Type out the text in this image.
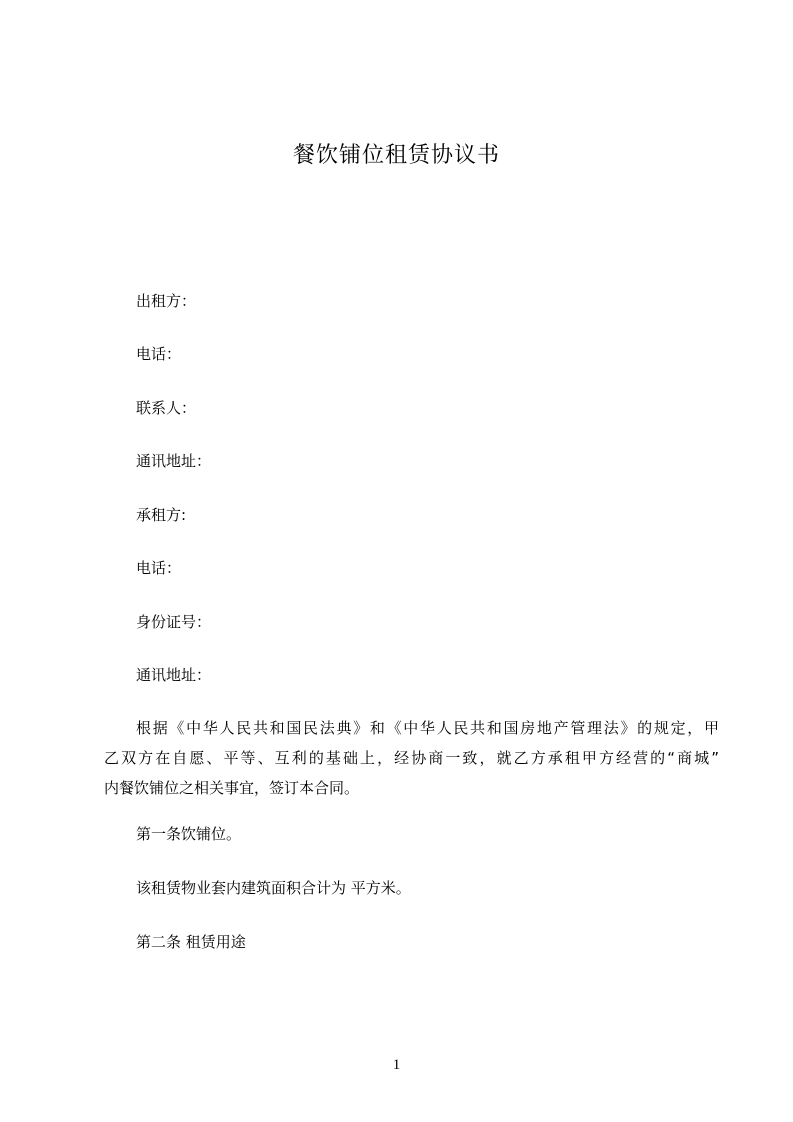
餐饮铺位租赁协议书

出租方：

电话：

联系人：

通讯地址：

承租方:

电话：

身份证号：

通讯地址：

根据《中华人民共和国民法典》和《中华人民共和国房地产管理法》的规定，甲
乙双方在自愿、平等、互利的基础上，经协商一致，就乙方承租甲方经营的“商城”
内餐饮铺位之相关事宜，签订本合同。

第一条饮铺位。

该租赁物业套内建筑面积合计为 平方米。

第二条 租赁用途

1
